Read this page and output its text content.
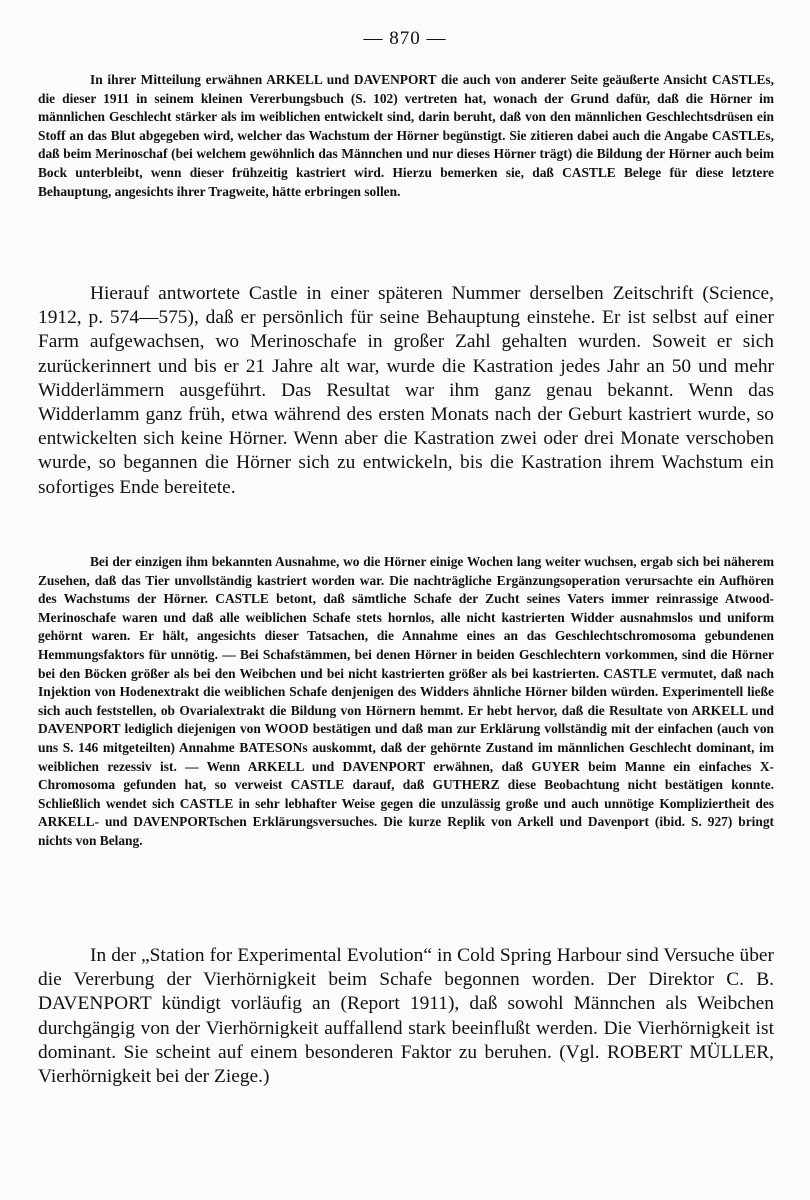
— 870 —

In ihrer Mitteilung erwähnen ARKELL und DAVENPORT die auch von anderer Seite geäußerte Ansicht CASTLEs, die dieser 1911 in seinem kleinen Vererbungsbuch (S. 102) vertreten hat, wonach der Grund dafür, daß die Hörner im männlichen Geschlecht stärker als im weiblichen entwickelt sind, darin beruht, daß von den männlichen Geschlechtsdrüsen ein Stoff an das Blut abgegeben wird, welcher das Wachstum der Hörner begünstigt. Sie zitieren dabei auch die Angabe CASTLEs, daß beim Merinoschaf (bei welchem gewöhnlich das Männchen und nur dieses Hörner trägt) die Bildung der Hörner auch beim Bock unterbleibt, wenn dieser frühzeitig kastriert wird. Hierzu bemerken sie, daß CASTLE Belege für diese letztere Behauptung, angesichts ihrer Tragweite, hätte erbringen sollen.

Hierauf antwortete Castle in einer späteren Nummer derselben Zeitschrift (Science, 1912, p. 574—575), daß er persönlich für seine Behauptung einstehe. Er ist selbst auf einer Farm aufgewachsen, wo Merinoschafe in großer Zahl gehalten wurden. Soweit er sich zurückerinnert und bis er 21 Jahre alt war, wurde die Kastration jedes Jahr an 50 und mehr Widderlämmern ausgeführt. Das Resultat war ihm ganz genau bekannt. Wenn das Widderlamm ganz früh, etwa während des ersten Monats nach der Geburt kastriert wurde, so entwickelten sich keine Hörner. Wenn aber die Kastration zwei oder drei Monate verschoben wurde, so begannen die Hörner sich zu entwickeln, bis die Kastration ihrem Wachstum ein sofortiges Ende bereitete.

Bei der einzigen ihm bekannten Ausnahme, wo die Hörner einige Wochen lang weiter wuchsen, ergab sich bei näherem Zusehen, daß das Tier unvollständig kastriert worden war. Die nachträgliche Ergänzungsoperation verursachte ein Aufhören des Wachstums der Hörner. CASTLE betont, daß sämtliche Schafe der Zucht seines Vaters immer reinrassige Atwood-Merinoschafe waren und daß alle weiblichen Schafe stets hornlos, alle nicht kastrierten Widder ausnahmslos und uniform gehörnt waren. Er hält, angesichts dieser Tatsachen, die Annahme eines an das Geschlechtschromosoma gebundenen Hemmungsfaktors für unnötig. — Bei Schafstämmen, bei denen Hörner in beiden Geschlechtern vorkommen, sind die Hörner bei den Böcken größer als bei den Weibchen und bei nicht kastrierten größer als bei kastrierten. CASTLE vermutet, daß nach Injektion von Hodenextrakt die weiblichen Schafe denjenigen des Widders ähnliche Hörner bilden würden. Experimentell ließe sich auch feststellen, ob Ovarialextrakt die Bildung von Hörnern hemmt. Er hebt hervor, daß die Resultate von ARKELL und DAVENPORT lediglich diejenigen von WOOD bestätigen und daß man zur Erklärung vollständig mit der einfachen (auch von uns S. 146 mitgeteilten) Annahme BATESONs auskommt, daß der gehörnte Zustand im männlichen Geschlecht dominant, im weiblichen rezessiv ist. — Wenn ARKELL und DAVENPORT erwähnen, daß GUYER beim Manne ein einfaches X-Chromosoma gefunden hat, so verweist CASTLE darauf, daß GUTHERZ diese Beobachtung nicht bestätigen konnte. Schließlich wendet sich CASTLE in sehr lebhafter Weise gegen die unzulässig große und auch unnötige Kompliziertheit des ARKELL- und DAVENPORTschen Erklärungsversuches. Die kurze Replik von Arkell und Davenport (ibid. S. 927) bringt nichts von Belang.

In der „Station for Experimental Evolution“ in Cold Spring Harbour sind Versuche über die Vererbung der Vierhörnigkeit beim Schafe begonnen worden. Der Direktor C. B. DAVENPORT kündigt vorläufig an (Report 1911), daß sowohl Männchen als Weibchen durchgängig von der Vierhörnigkeit auffallend stark beeinflußt werden. Die Vierhörnigkeit ist dominant. Sie scheint auf einem besonderen Faktor zu beruhen. (Vgl. ROBERT MÜLLER, Vierhörnigkeit bei der Ziege.)
